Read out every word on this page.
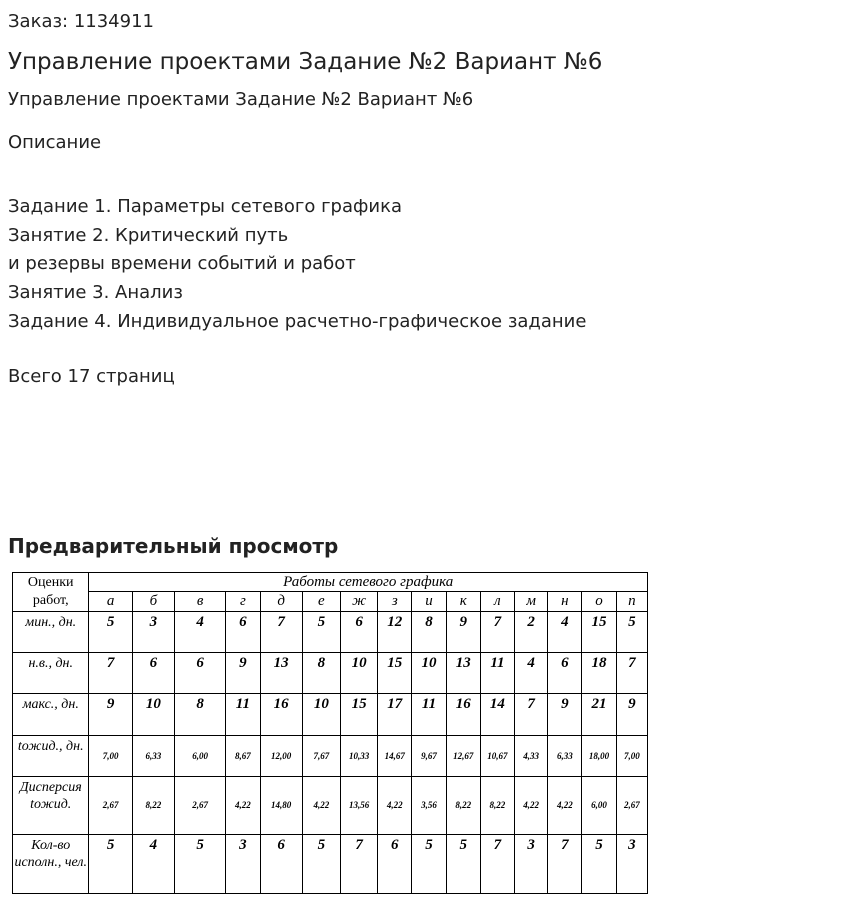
Заказ: 1134911
Управление проектами Задание №2 Вариант №6
Управление проектами Задание №2 Вариант №6
Описание
Задание 1. Параметры сетевого графика
Занятие 2. Критический путь
и резервы времени событий и работ
Занятие 3. Анализ
Задание 4. Индивидуальное расчетно-графическое задание
Всего 17 страниц
Предварительный просмотр
Оценки работ,	Работы сетевого графика														
	а	б	в	г	д	е	ж	з	и	к	л	м	н	о	п
мин., дн.	5	3	4	6	7	5	6	12	8	9	7	2	4	15	5
н.в., дн.	7	6	6	9	13	8	10	15	10	13	11	4	6	18	7
макс., дн.	9	10	8	11	16	10	15	17	11	16	14	7	9	21	9
tожид., дн.	7,00	6,33	6,00	8,67	12,00	7,67	10,33	14,67	9,67	12,67	10,67	4,33	6,33	18,00	7,00
Дисперсия tожид.	2,67	8,22	2,67	4,22	14,80	4,22	13,56	4,22	3,56	8,22	8,22	4,22	4,22	6,00	2,67
Кол-во исполн., чел.	5	4	5	3	6	5	7	6	5	5	7	3	7	5	3
